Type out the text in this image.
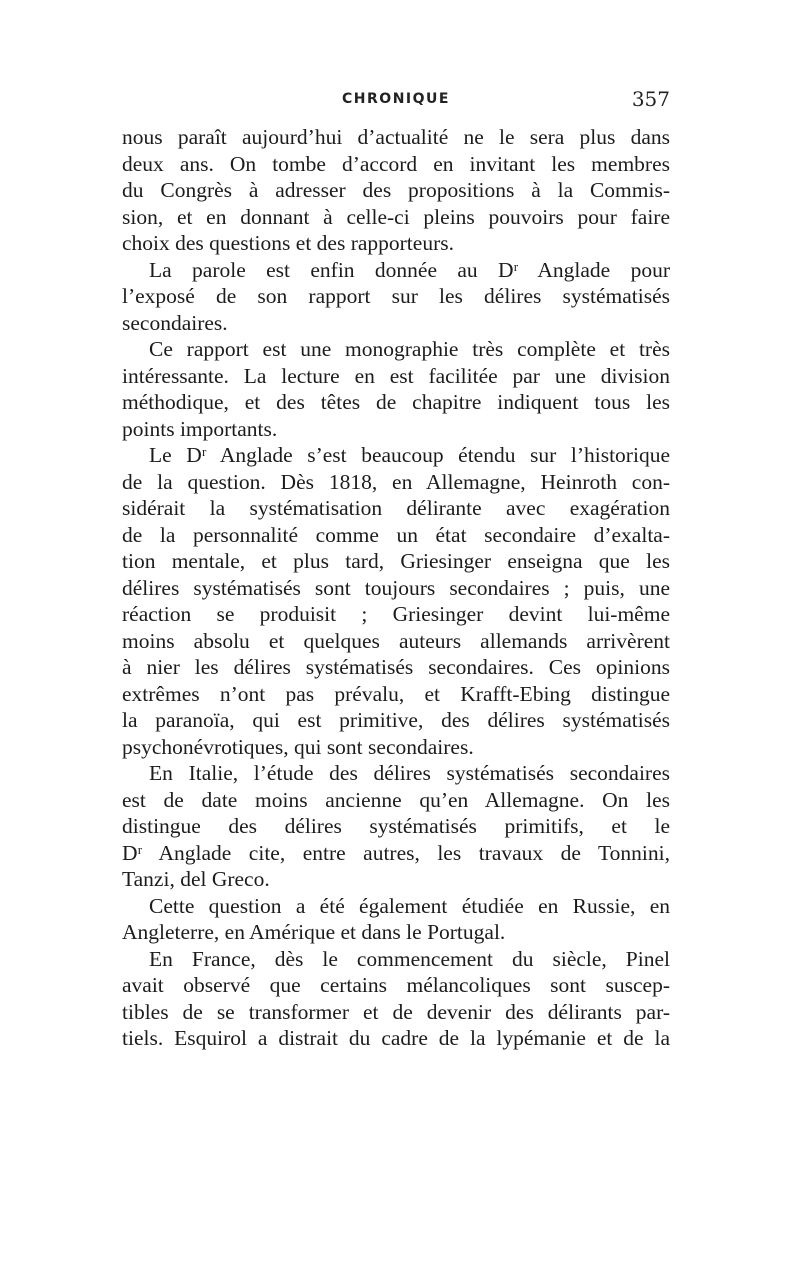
CHRONIQUE	357
nous paraît aujourd’hui d’actualité ne le sera plus dans
deux ans. On tombe d’accord en invitant les membres
du Congrès à adresser des propositions à la Commis-
sion, et en donnant à celle-ci pleins pouvoirs pour faire
choix des questions et des rapporteurs.
La parole est enfin donnée au Dʳ Anglade pour
l’exposé de son rapport sur les délires systématisés
secondaires.
Ce rapport est une monographie très complète et très
intéressante. La lecture en est facilitée par une division
méthodique, et des têtes de chapitre indiquent tous les
points importants.
Le Dʳ Anglade s’est beaucoup étendu sur l’historique
de la question. Dès 1818, en Allemagne, Heinroth con-
sidérait la systématisation délirante avec exagération
de la personnalité comme un état secondaire d’exalta-
tion mentale, et plus tard, Griesinger enseigna que les
délires systématisés sont toujours secondaires ; puis, une
réaction se produisit ; Griesinger devint lui-même
moins absolu et quelques auteurs allemands arrivèrent
à nier les délires systématisés secondaires. Ces opinions
extrêmes n’ont pas prévalu, et Krafft-Ebing distingue
la paranoïa, qui est primitive, des délires systématisés
psychonévrotiques, qui sont secondaires.
En Italie, l’étude des délires systématisés secondaires
est de date moins ancienne qu’en Allemagne. On les
distingue des délires systématisés primitifs, et le
Dʳ Anglade cite, entre autres, les travaux de Tonnini,
Tanzi, del Greco.
Cette question a été également étudiée en Russie, en
Angleterre, en Amérique et dans le Portugal.
En France, dès le commencement du siècle, Pinel
avait observé que certains mélancoliques sont suscep-
tibles de se transformer et de devenir des délirants par-
tiels. Esquirol a distrait du cadre de la lypémanie et de la
